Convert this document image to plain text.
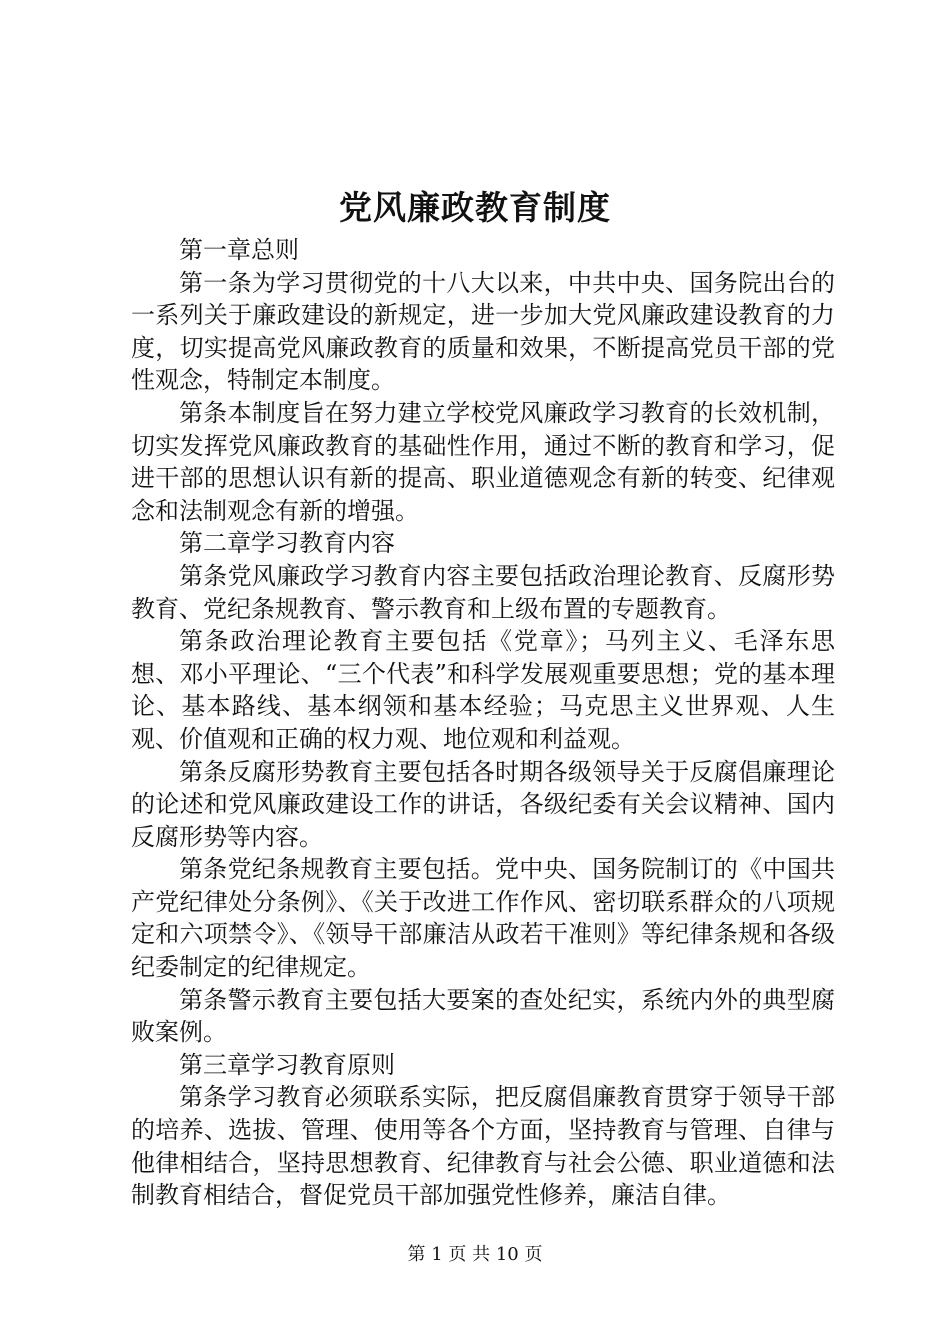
党风廉政教育制度

第一章总则

第一条为学习贯彻党的十八大以来，中共中央、国务院出台的一系列关于廉政建设的新规定，进一步加大党风廉政建设教育的力度，切实提高党风廉政教育的质量和效果，不断提高党员干部的党性观念，特制定本制度。

第条本制度旨在努力建立学校党风廉政学习教育的长效机制，切实发挥党风廉政教育的基础性作用，通过不断的教育和学习，促进干部的思想认识有新的提高、职业道德观念有新的转变、纪律观念和法制观念有新的增强。

第二章学习教育内容

第条党风廉政学习教育内容主要包括政治理论教育、反腐形势教育、党纪条规教育、警示教育和上级布置的专题教育。

第条政治理论教育主要包括《党章》；马列主义、毛泽东思想、邓小平理论、“三个代表”和科学发展观重要思想；党的基本理论、基本路线、基本纲领和基本经验；马克思主义世界观、人生观、价值观和正确的权力观、地位观和利益观。

第条反腐形势教育主要包括各时期各级领导关于反腐倡廉理论的论述和党风廉政建设工作的讲话，各级纪委有关会议精神、国内反腐形势等内容。

第条党纪条规教育主要包括。党中央、国务院制订的《中国共产党纪律处分条例》、《关于改进工作作风、密切联系群众的八项规定和六项禁令》、《领导干部廉洁从政若干准则》等纪律条规和各级纪委制定的纪律规定。

第条警示教育主要包括大要案的查处纪实，系统内外的典型腐败案例。

第三章学习教育原则

第条学习教育必须联系实际，把反腐倡廉教育贯穿于领导干部的培养、选拔、管理、使用等各个方面，坚持教育与管理、自律与他律相结合，坚持思想教育、纪律教育与社会公德、职业道德和法制教育相结合，督促党员干部加强党性修养，廉洁自律。

第 1 页 共 10 页
